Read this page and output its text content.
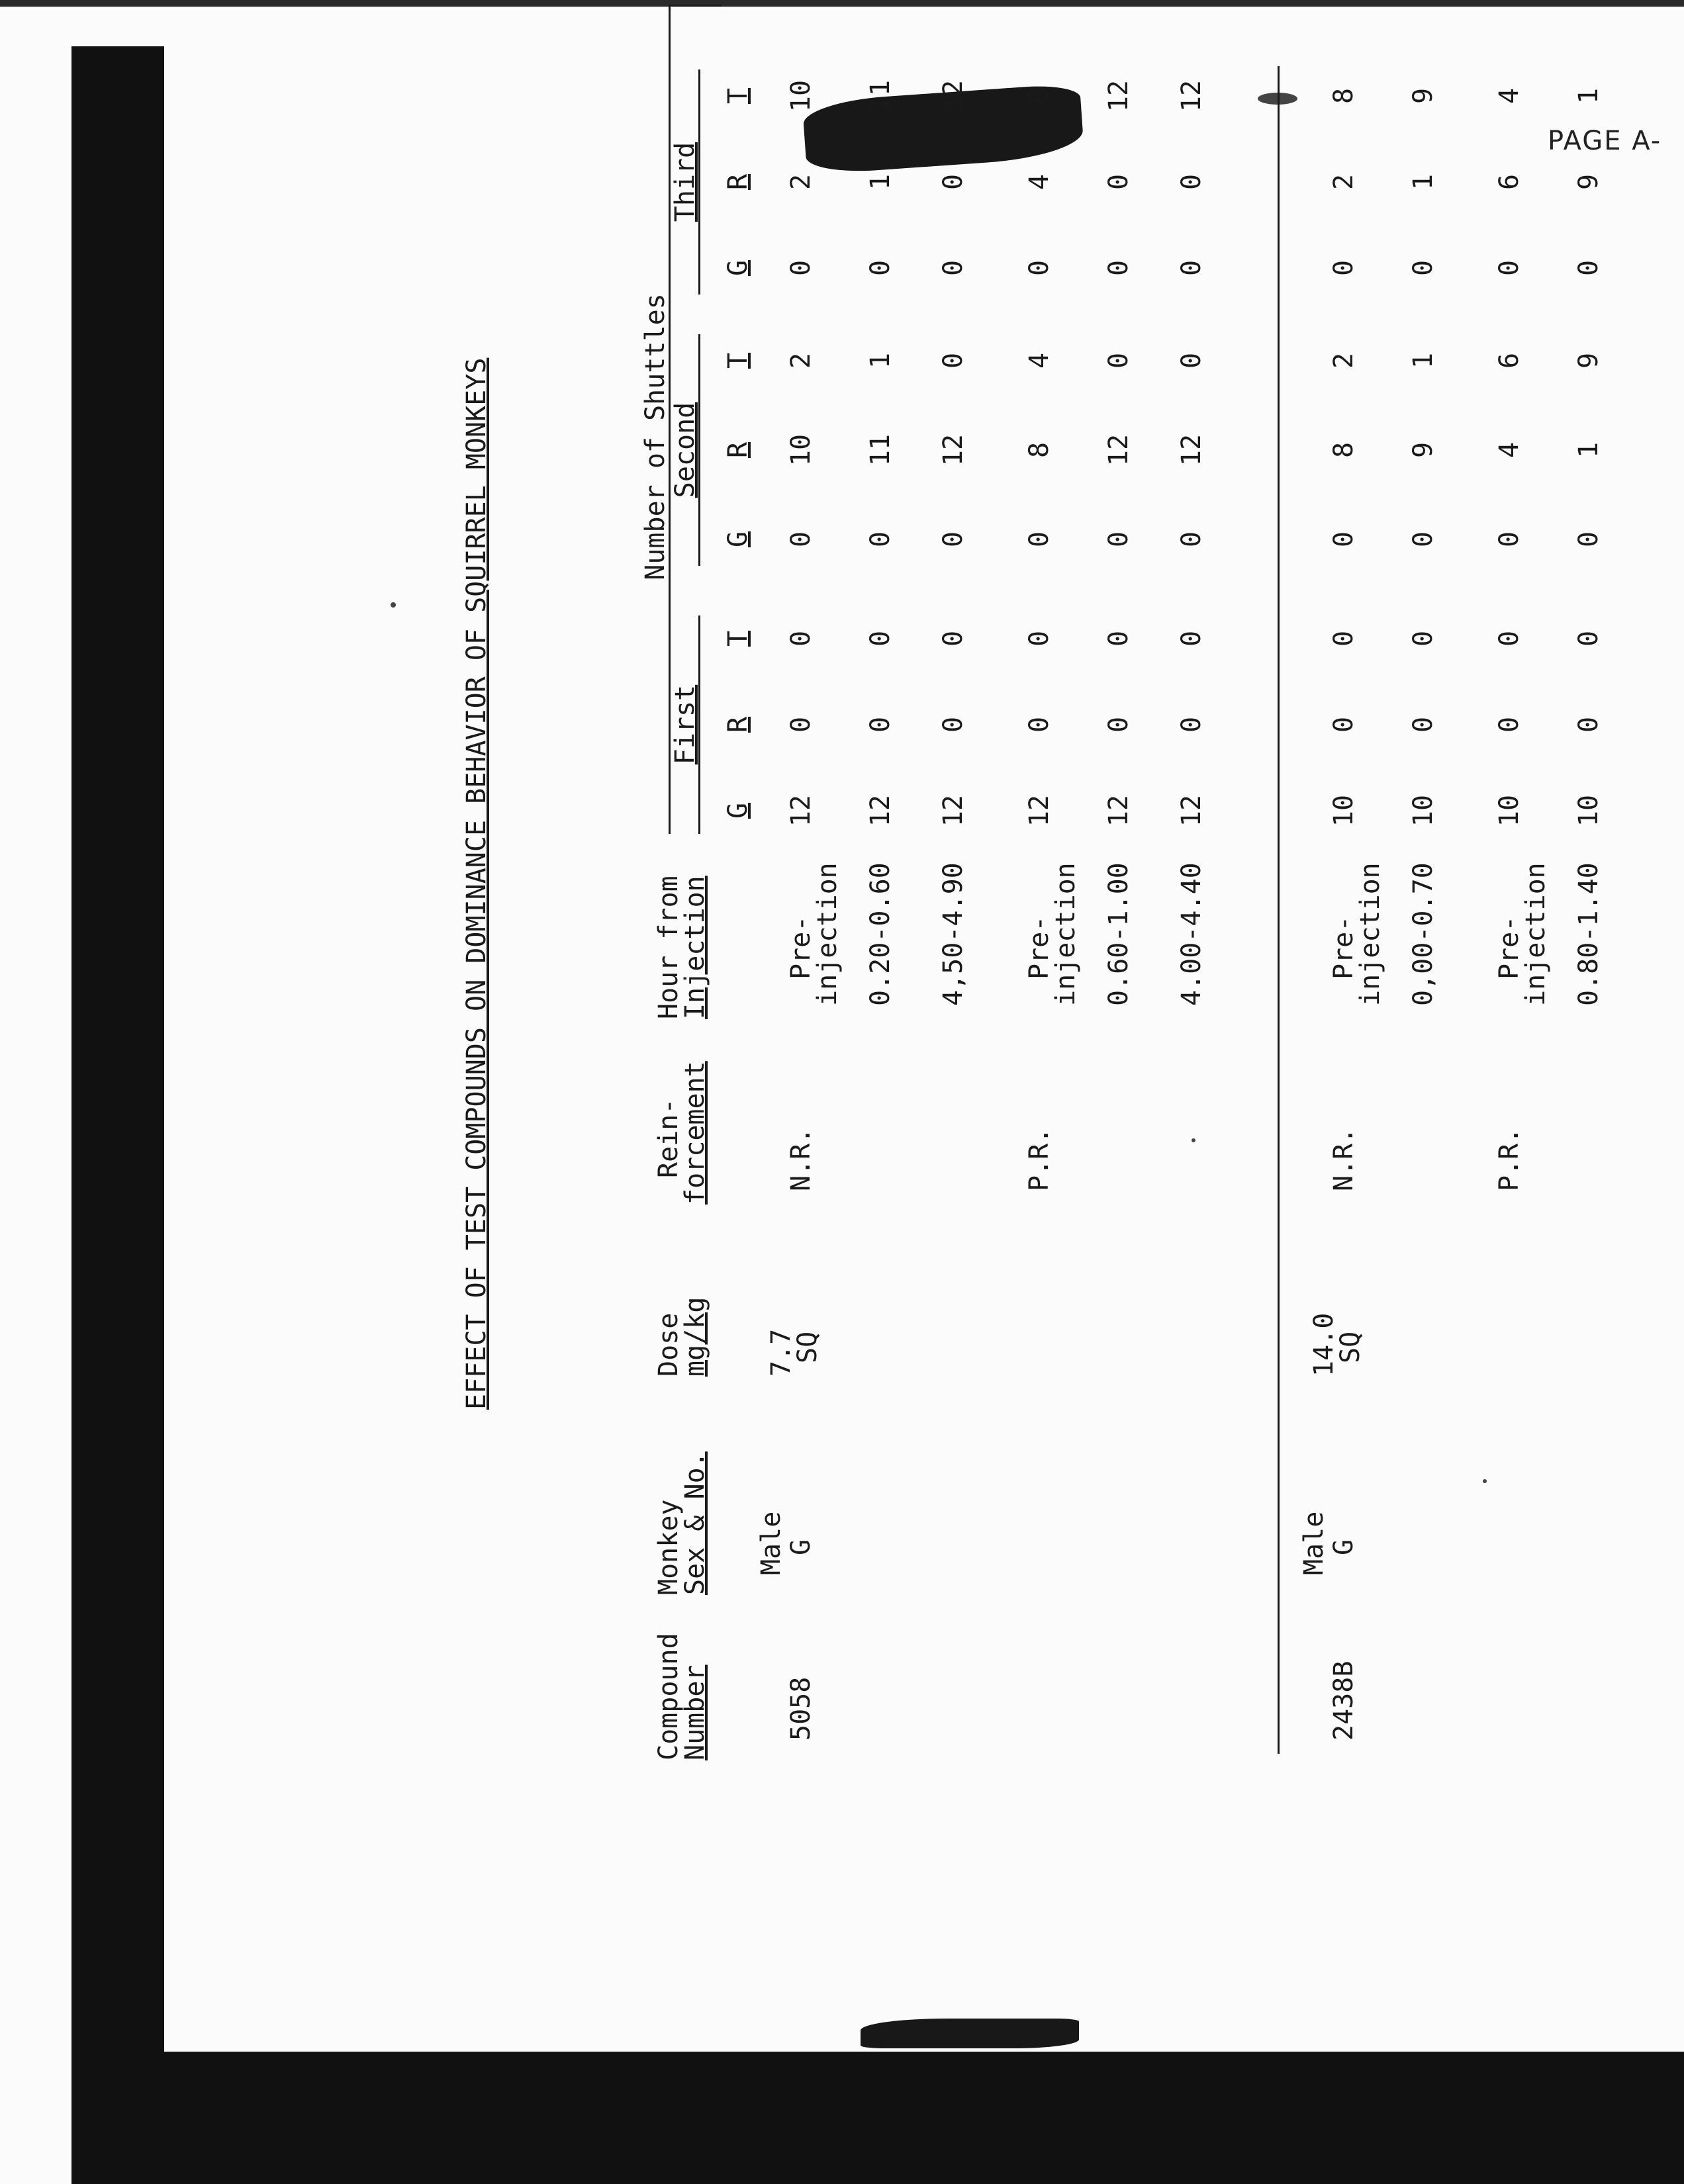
PAGE A-
EFFECT OF TEST COMPOUNDS ON DOMINANCE BEHAVIOR OF SQUIRREL MONKEYS
Compound
Number
Monkey
Sex & No.
Dose
mg/kg
Rein-
forcement
Hour from
Injection
Number of Shuttles
First
Second
Third
G
R
T
G
R
T
G
R
T
5058
Male G
7.7
SQ
N.R.
Pre-
injection
12
0
0
0
10
2
0
2
10
0.20-0.60
12
0
0
0
11
1
0
1
11
4,50-4.90
12
0
0
0
12
0
0
0
12
P.R.
Pre-
injection
12
0
0
0
8
4
0
4
8
0.60-1.00
12
0
0
0
12
0
0
0
12
4.00-4.40
12
0
0
0
12
0
0
0
12
2438B
Male G
14.0
SQ
N.R.
Pre-
injection
10
0
0
0
8
2
0
2
8
0,00-0.70
10
0
0
0
9
1
0
1
9
P.R.
Pre-
injection
10
0
0
0
4
6
0
6
4
0.80-1.40
10
0
0
0
1
9
0
9
1
